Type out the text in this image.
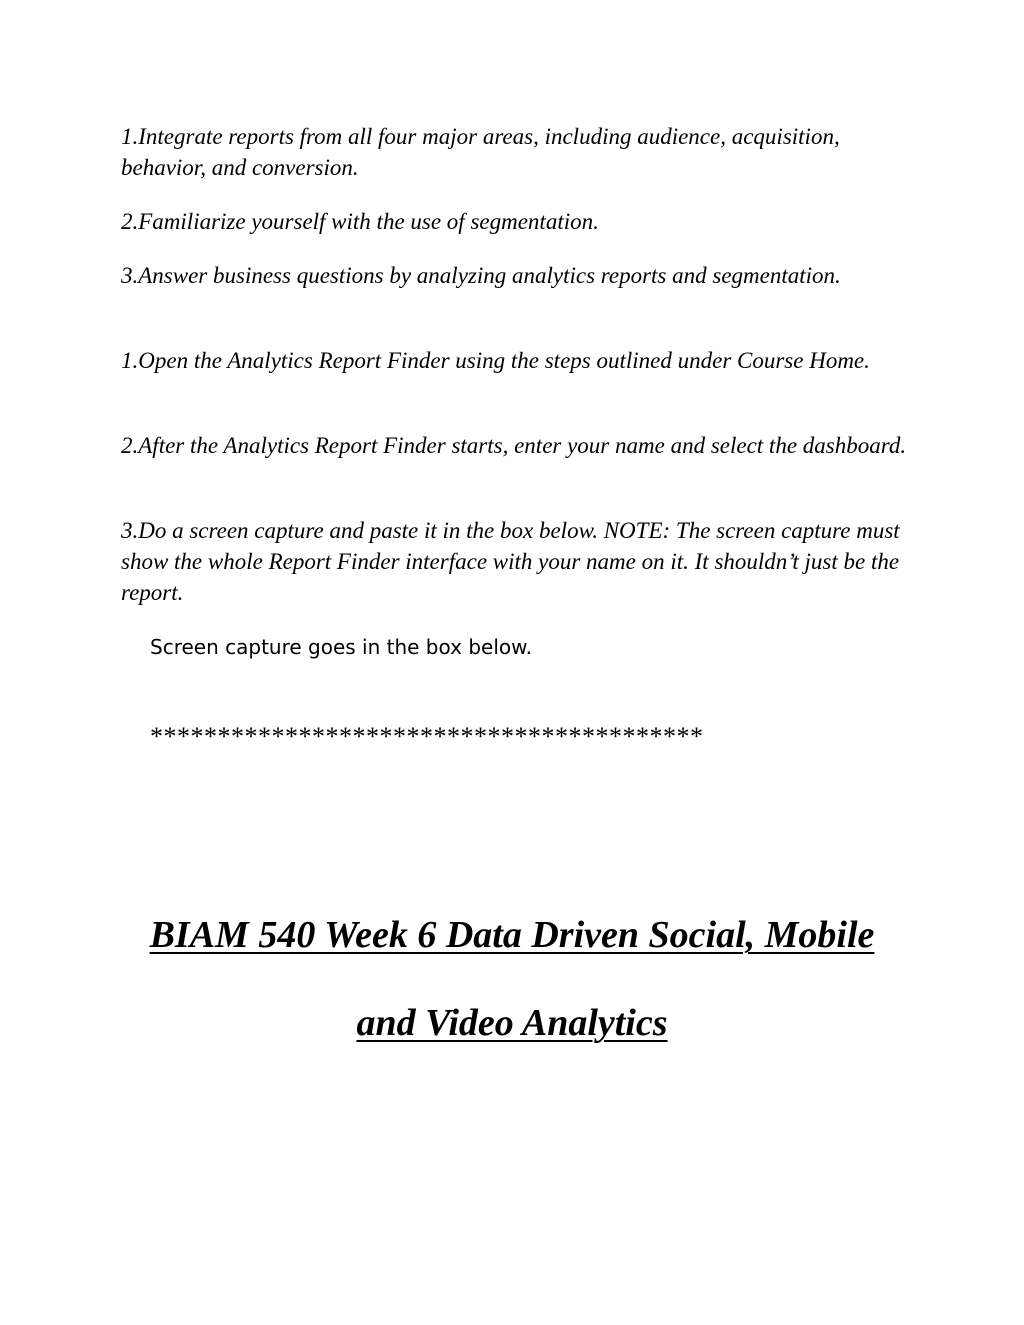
1.Integrate reports from all four major areas, including audience, acquisition, behavior, and conversion.

2.Familiarize yourself with the use of segmentation.

3.Answer business questions by analyzing analytics reports and segmentation.

1.Open the Analytics Report Finder using the steps outlined under Course Home.

2.After the Analytics Report Finder starts, enter your name and select the dashboard.

3.Do a screen capture and paste it in the box below. NOTE: The screen capture must show the whole Report Finder interface with your name on it. It shouldn’t just be the report.

Screen capture goes in the box below.

*****************************************

BIAM 540 Week 6 Data Driven Social, Mobile
and Video Analytics
